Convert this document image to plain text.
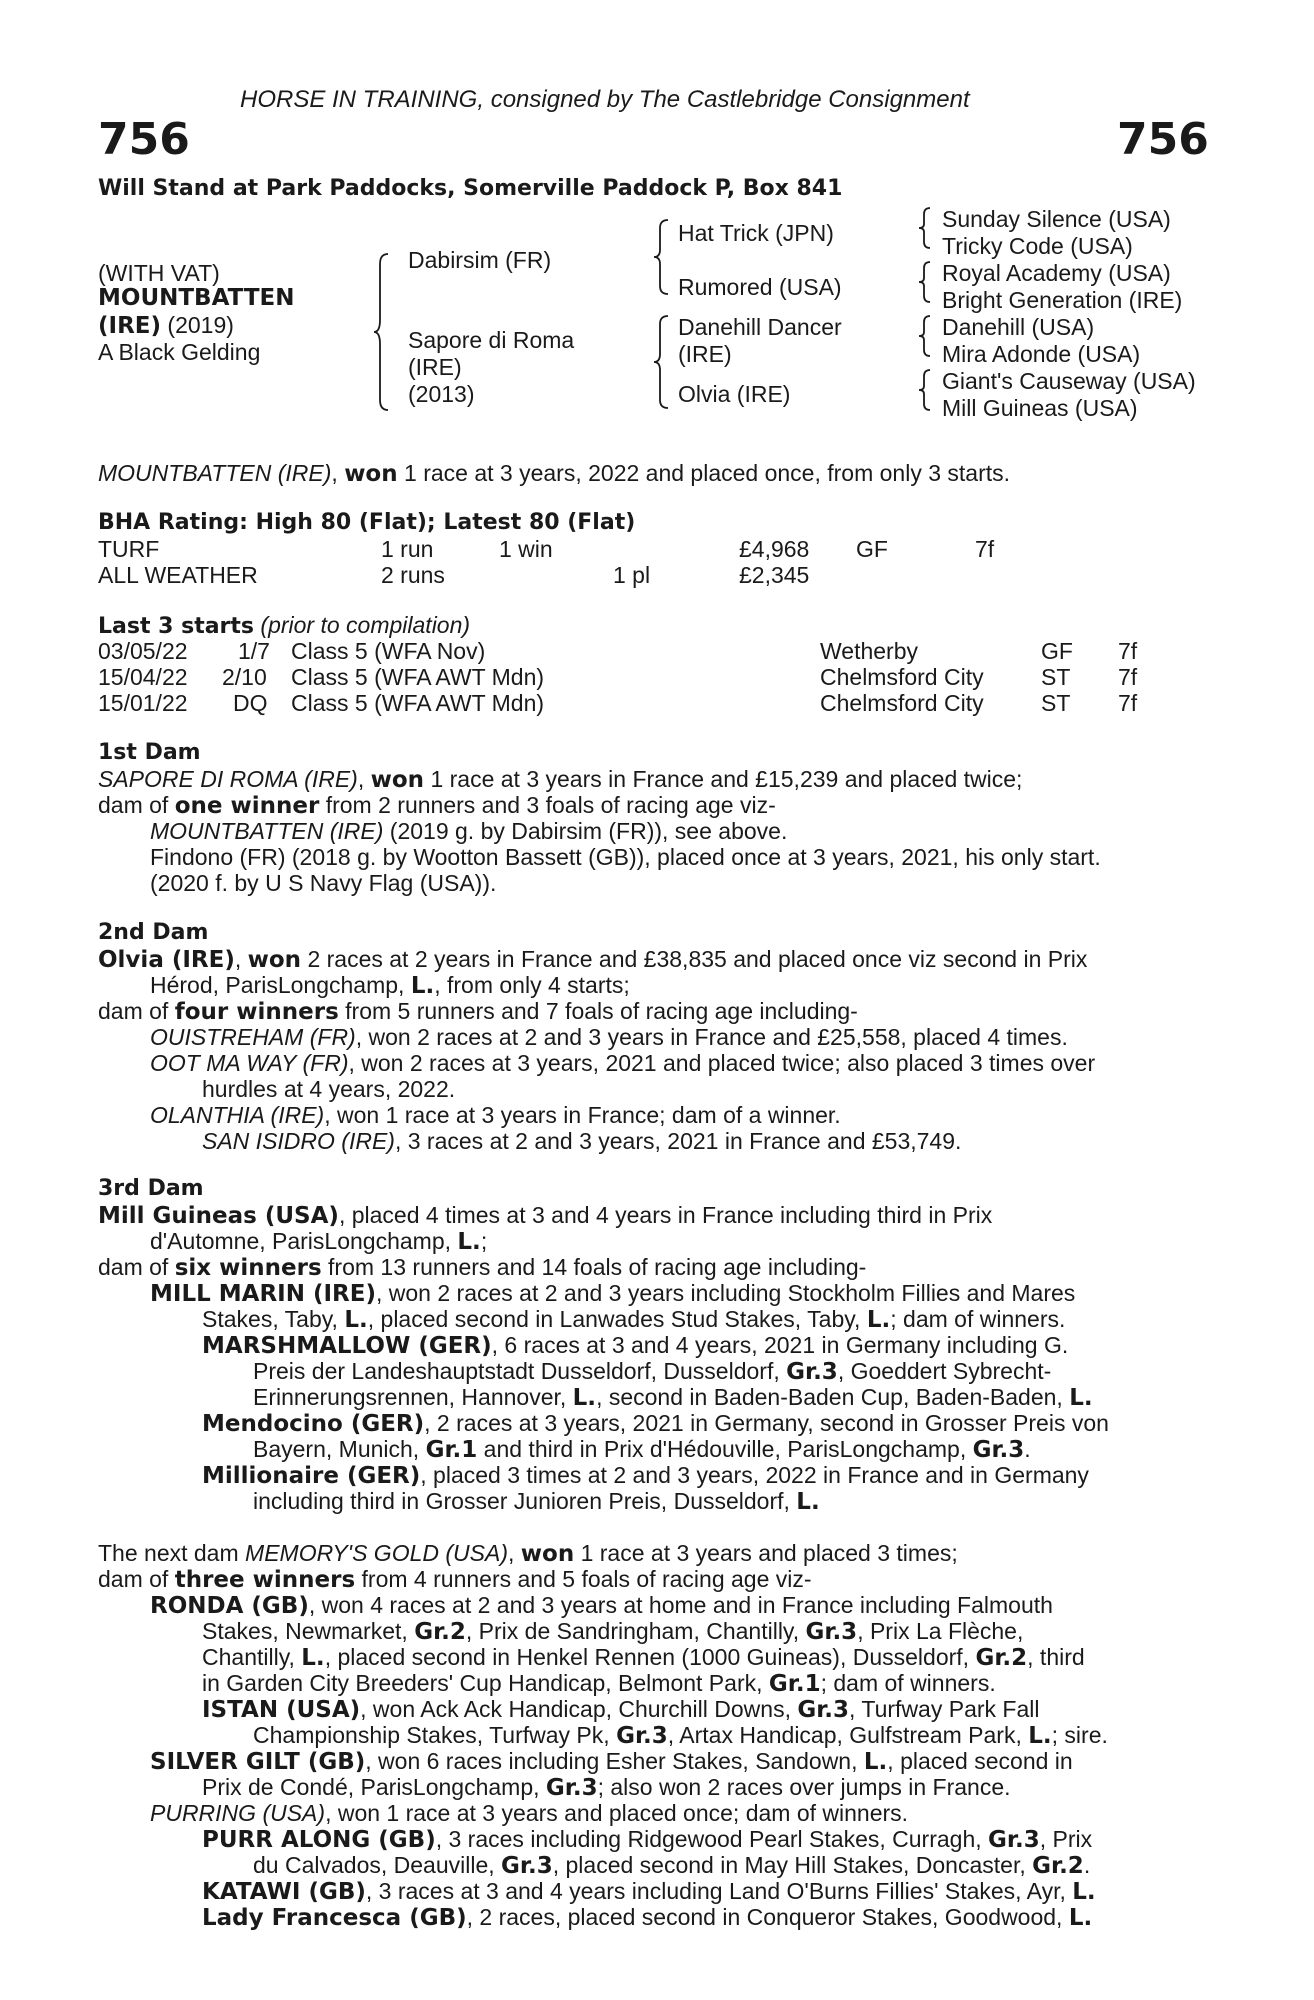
HORSE IN TRAINING, consigned by The Castlebridge Consignment
756	756
Will Stand at Park Paddocks, Somerville Paddock P, Box 841
(WITH VAT)
MOUNTBATTEN
(IRE) (2019)
A Black Gelding
Dabirsim (FR)
Sapore di Roma
(IRE)
(2013)
Hat Trick (JPN)
Rumored (USA)
Danehill Dancer
(IRE)
Olvia (IRE)
Sunday Silence (USA)
Tricky Code (USA)
Royal Academy (USA)
Bright Generation (IRE)
Danehill (USA)
Mira Adonde (USA)
Giant's Causeway (USA)
Mill Guineas (USA)
MOUNTBATTEN (IRE), won 1 race at 3 years, 2022 and placed once, from only 3 starts.
BHA Rating: High 80 (Flat); Latest 80 (Flat)
TURF	1 run	1 win	£4,968 GF	7f
ALL WEATHER	2 runs	1 pl	£2,345
Last 3 starts (prior to compilation)
03/05/22 1/7 Class 5 (WFA Nov)	Wetherby	GF 7f
15/04/22 2/10 Class 5 (WFA AWT Mdn)	Chelmsford City ST 7f
15/01/22 DQ Class 5 (WFA AWT Mdn)	Chelmsford City ST 7f
1st Dam
SAPORE DI ROMA (IRE), won 1 race at 3 years in France and £15,239 and placed twice;
dam of one winner from 2 runners and 3 foals of racing age viz-
MOUNTBATTEN (IRE) (2019 g. by Dabirsim (FR)), see above.
Findono (FR) (2018 g. by Wootton Bassett (GB)), placed once at 3 years, 2021, his only start.
(2020 f. by U S Navy Flag (USA)).
2nd Dam
Olvia (IRE), won 2 races at 2 years in France and £38,835 and placed once viz second in Prix
Hérod, ParisLongchamp, L., from only 4 starts;
dam of four winners from 5 runners and 7 foals of racing age including-
OUISTREHAM (FR), won 2 races at 2 and 3 years in France and £25,558, placed 4 times.
OOT MA WAY (FR), won 2 races at 3 years, 2021 and placed twice; also placed 3 times over
hurdles at 4 years, 2022.
OLANTHIA (IRE), won 1 race at 3 years in France; dam of a winner.
SAN ISIDRO (IRE), 3 races at 2 and 3 years, 2021 in France and £53,749.
3rd Dam
Mill Guineas (USA), placed 4 times at 3 and 4 years in France including third in Prix
d'Automne, ParisLongchamp, L.;
dam of six winners from 13 runners and 14 foals of racing age including-
MILL MARIN (IRE), won 2 races at 2 and 3 years including Stockholm Fillies and Mares
Stakes, Taby, L., placed second in Lanwades Stud Stakes, Taby, L.; dam of winners.
MARSHMALLOW (GER), 6 races at 3 and 4 years, 2021 in Germany including G.
Preis der Landeshauptstadt Dusseldorf, Dusseldorf, Gr.3, Goeddert Sybrecht-
Erinnerungsrennen, Hannover, L., second in Baden-Baden Cup, Baden-Baden, L.
Mendocino (GER), 2 races at 3 years, 2021 in Germany, second in Grosser Preis von
Bayern, Munich, Gr.1 and third in Prix d'Hédouville, ParisLongchamp, Gr.3.
Millionaire (GER), placed 3 times at 2 and 3 years, 2022 in France and in Germany
including third in Grosser Junioren Preis, Dusseldorf, L.
The next dam MEMORY'S GOLD (USA), won 1 race at 3 years and placed 3 times;
dam of three winners from 4 runners and 5 foals of racing age viz-
RONDA (GB), won 4 races at 2 and 3 years at home and in France including Falmouth
Stakes, Newmarket, Gr.2, Prix de Sandringham, Chantilly, Gr.3, Prix La Flèche,
Chantilly, L., placed second in Henkel Rennen (1000 Guineas), Dusseldorf, Gr.2, third
in Garden City Breeders' Cup Handicap, Belmont Park, Gr.1; dam of winners.
ISTAN (USA), won Ack Ack Handicap, Churchill Downs, Gr.3, Turfway Park Fall
Championship Stakes, Turfway Pk, Gr.3, Artax Handicap, Gulfstream Park, L.; sire.
SILVER GILT (GB), won 6 races including Esher Stakes, Sandown, L., placed second in
Prix de Condé, ParisLongchamp, Gr.3; also won 2 races over jumps in France.
PURRING (USA), won 1 race at 3 years and placed once; dam of winners.
PURR ALONG (GB), 3 races including Ridgewood Pearl Stakes, Curragh, Gr.3, Prix
du Calvados, Deauville, Gr.3, placed second in May Hill Stakes, Doncaster, Gr.2.
KATAWI (GB), 3 races at 3 and 4 years including Land O'Burns Fillies' Stakes, Ayr, L.
Lady Francesca (GB), 2 races, placed second in Conqueror Stakes, Goodwood, L.
